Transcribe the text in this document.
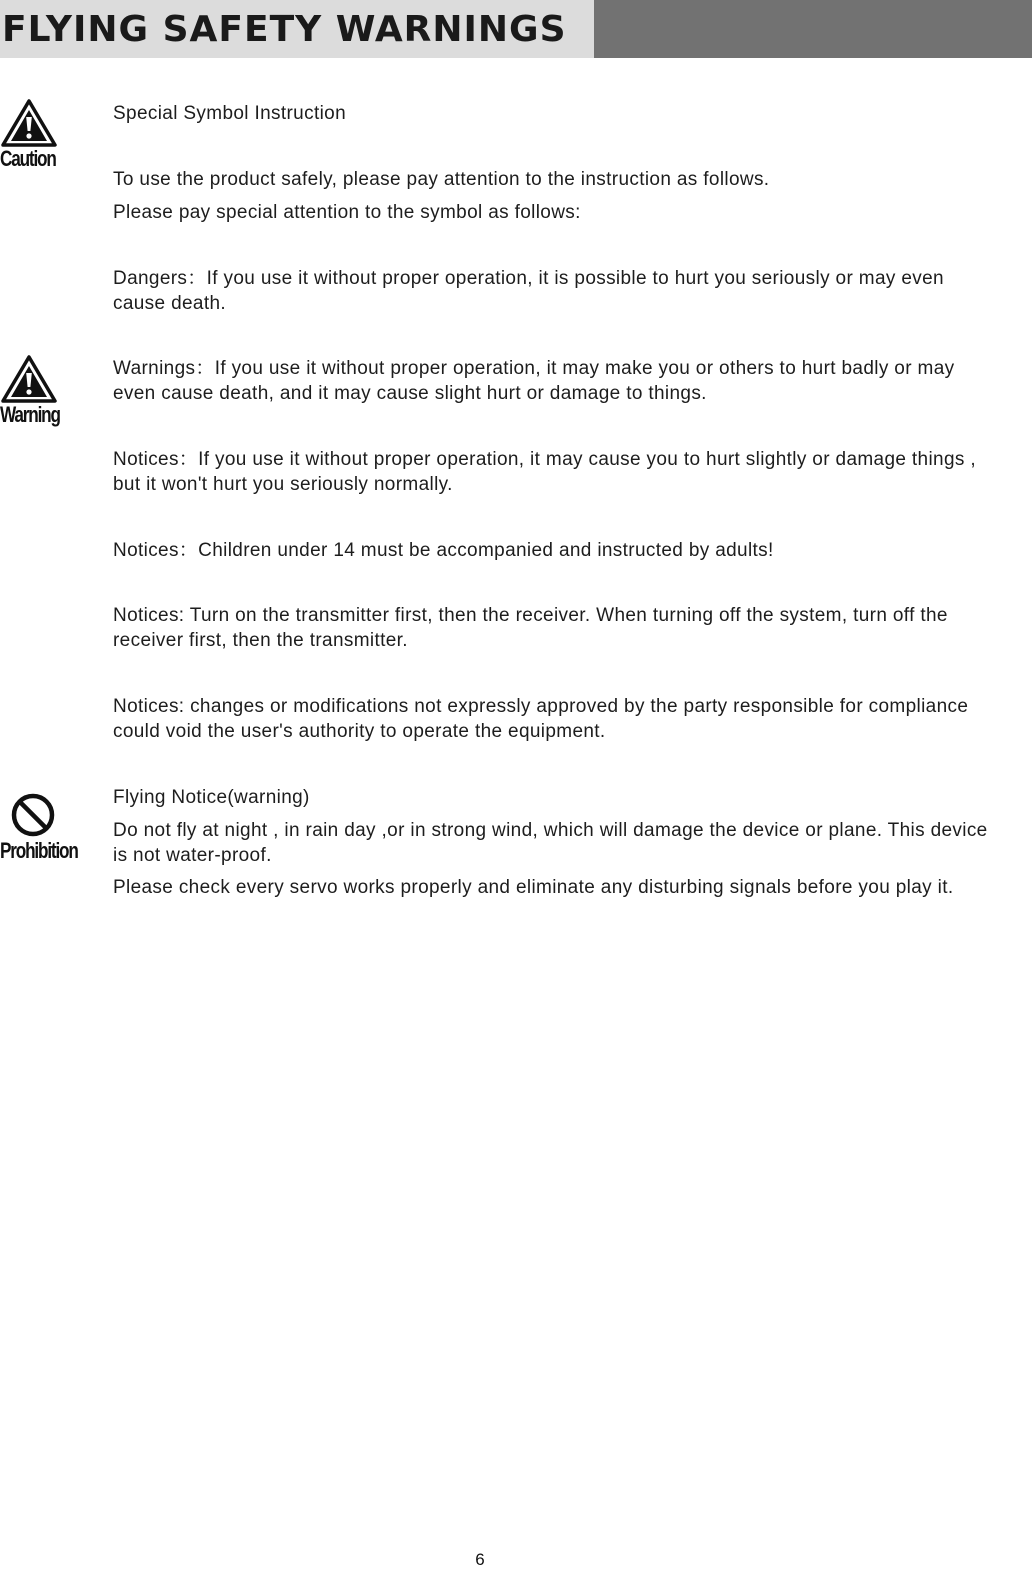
FLYING SAFETY WARNINGS
Caution
Warning
Prohibition

Special Symbol Instruction

To use the product safely, please pay attention to the instruction as follows.

Please pay special attention to the symbol as follows:

Dangers：If you use it without proper operation, it is possible to hurt you seriously or may even cause death.

Warnings：If you use it without proper operation, it may make you or others to hurt badly or may even cause death, and it may cause slight hurt or damage to things.

Notices：If you use it without proper operation, it may cause you to hurt slightly or damage things , but it won't hurt you seriously normally.

Notices：Children under 14 must be accompanied and instructed by adults!

Notices: Turn on the transmitter first, then the receiver. When turning off the system, turn off the receiver first, then the transmitter.

Notices: changes or modifications not expressly approved by the party responsible for compliance could void the user's authority to operate the equipment.

Flying Notice(warning)

Do not fly at night , in rain day ,or in strong wind, which will damage the device or plane. This device is not water-proof.

Please check every servo works properly and eliminate any disturbing signals before you play it.

6
